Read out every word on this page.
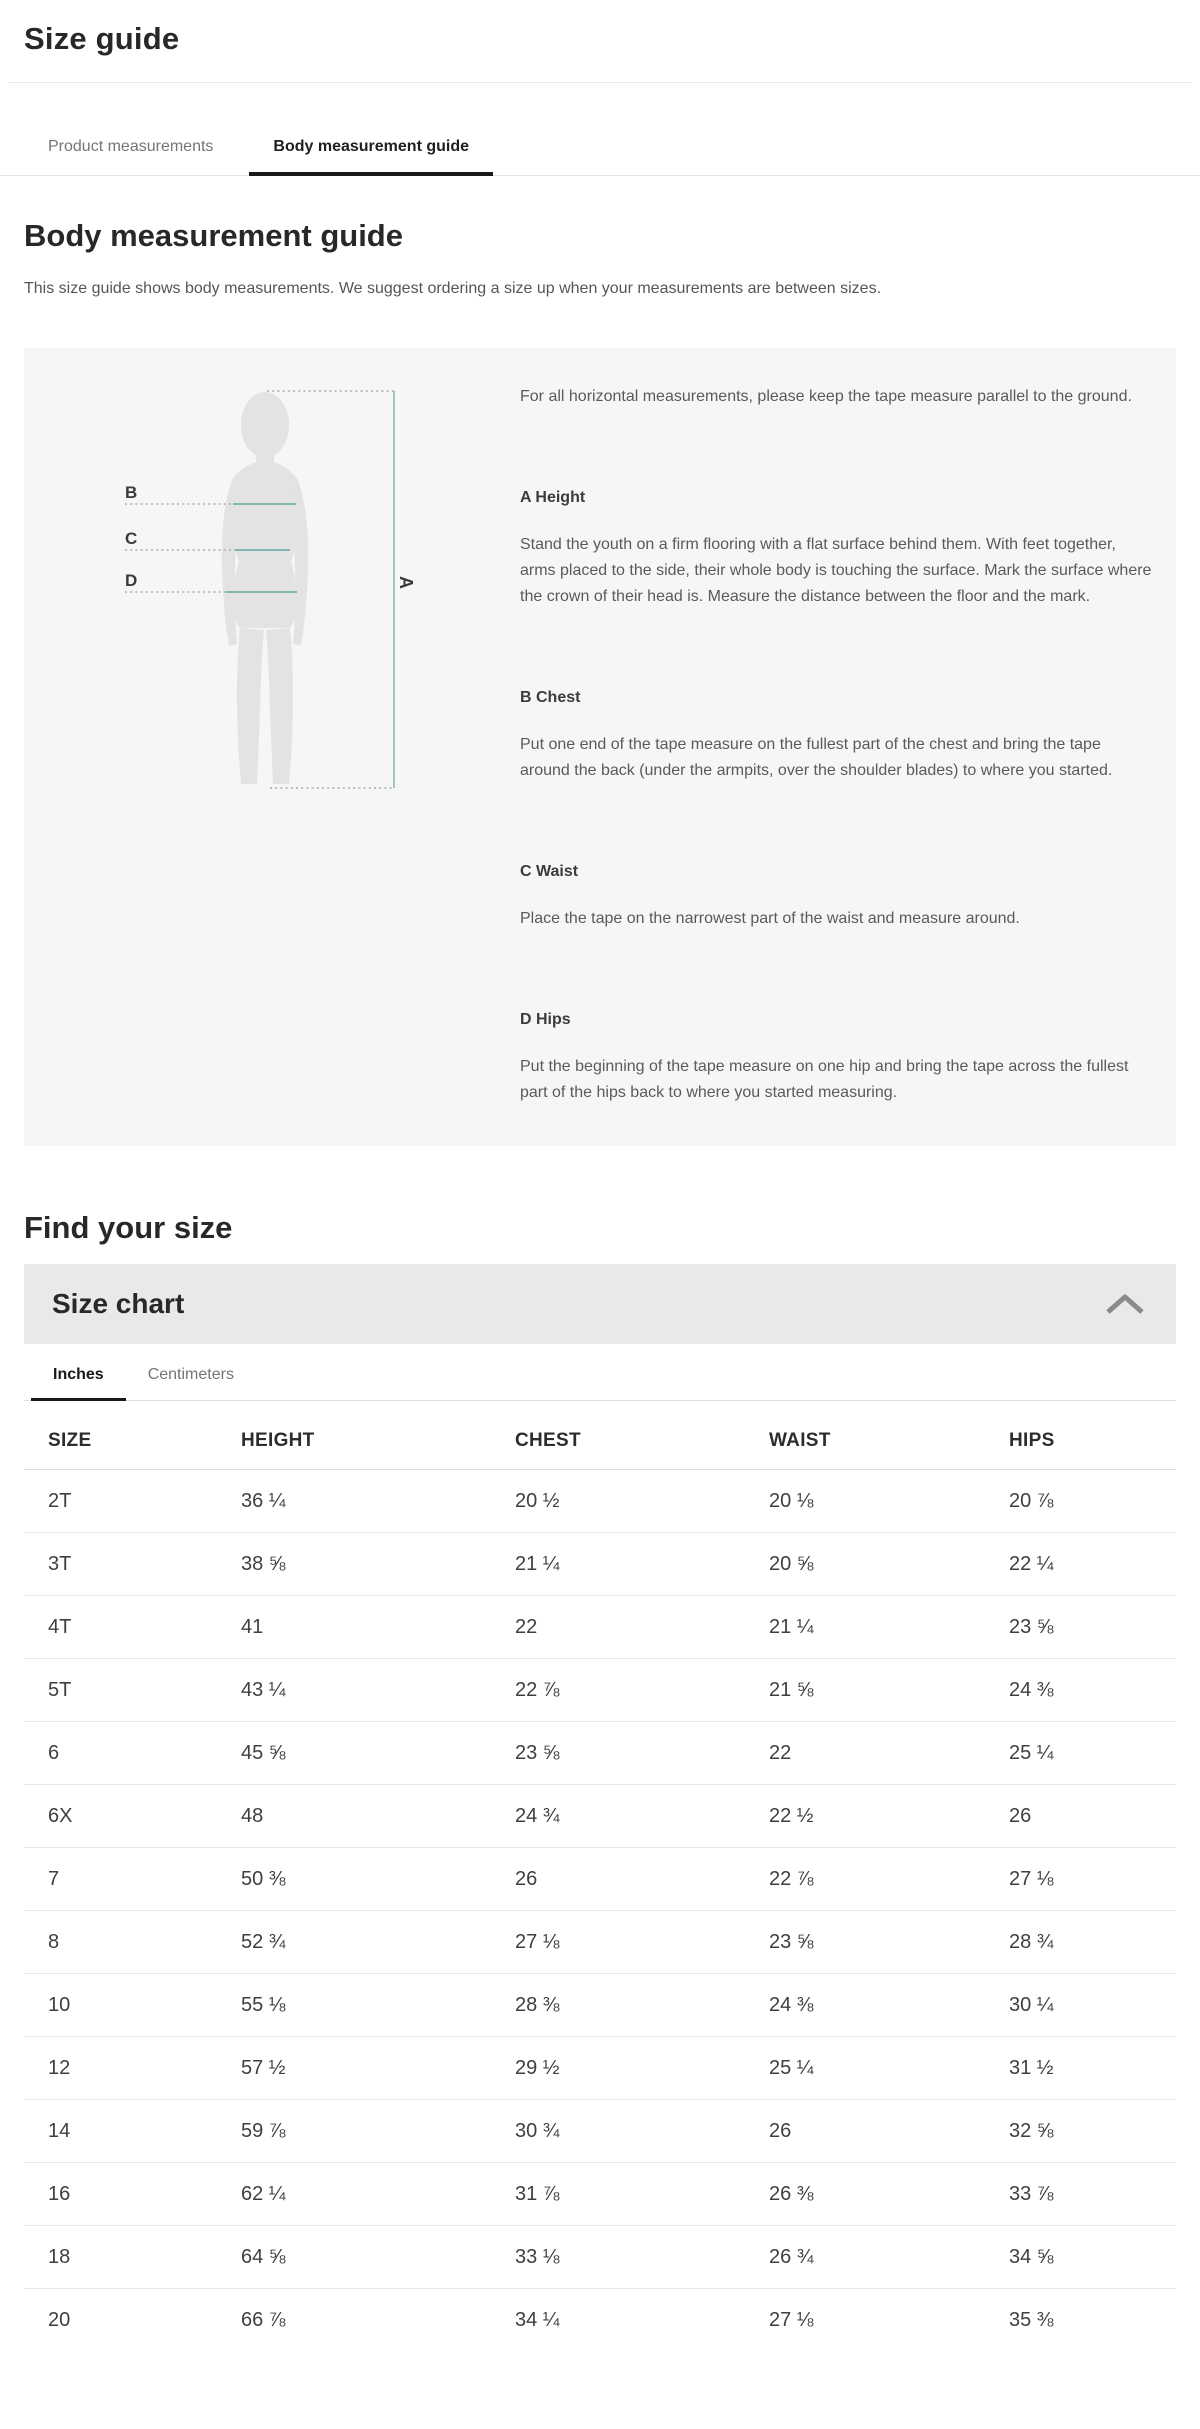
Size guide
Product measurements	Body measurement guide
Body measurement guide

This size guide shows body measurements. We suggest ordering a size up when your measurements are between sizes.

B
C
D	A

For all horizontal measurements, please keep the tape measure parallel to the ground.

A Height

Stand the youth on a firm flooring with a flat surface behind them. With feet together, arms placed to the side, their whole body is touching the surface. Mark the surface where the crown of their head is. Measure the distance between the floor and the mark.

B Chest

Put one end of the tape measure on the fullest part of the chest and bring the tape around the back (under the armpits, over the shoulder blades) to where you started.

C Waist

Place the tape on the narrowest part of the waist and measure around.

D Hips

Put the beginning of the tape measure on one hip and bring the tape across the fullest part of the hips back to where you started measuring.

Find your size
Size chart
Inches	Centimeters
SIZE	HEIGHT	CHEST	WAIST	HIPS
2T	36 ¼	20 ½	20 ⅛	20 ⅞
3T	38 ⅝	21 ¼	20 ⅝	22 ¼
4T	41	22	21 ¼	23 ⅝
5T	43 ¼	22 ⅞	21 ⅝	24 ⅜
6	45 ⅝	23 ⅝	22	25 ¼
6X	48	24 ¾	22 ½	26
7	50 ⅜	26	22 ⅞	27 ⅛
8	52 ¾	27 ⅛	23 ⅝	28 ¾
10	55 ⅛	28 ⅜	24 ⅜	30 ¼
12	57 ½	29 ½	25 ¼	31 ½
14	59 ⅞	30 ¾	26	32 ⅝
16	62 ¼	31 ⅞	26 ⅜	33 ⅞
18	64 ⅝	33 ⅛	26 ¾	34 ⅝
20	66 ⅞	34 ¼	27 ⅛	35 ⅜
